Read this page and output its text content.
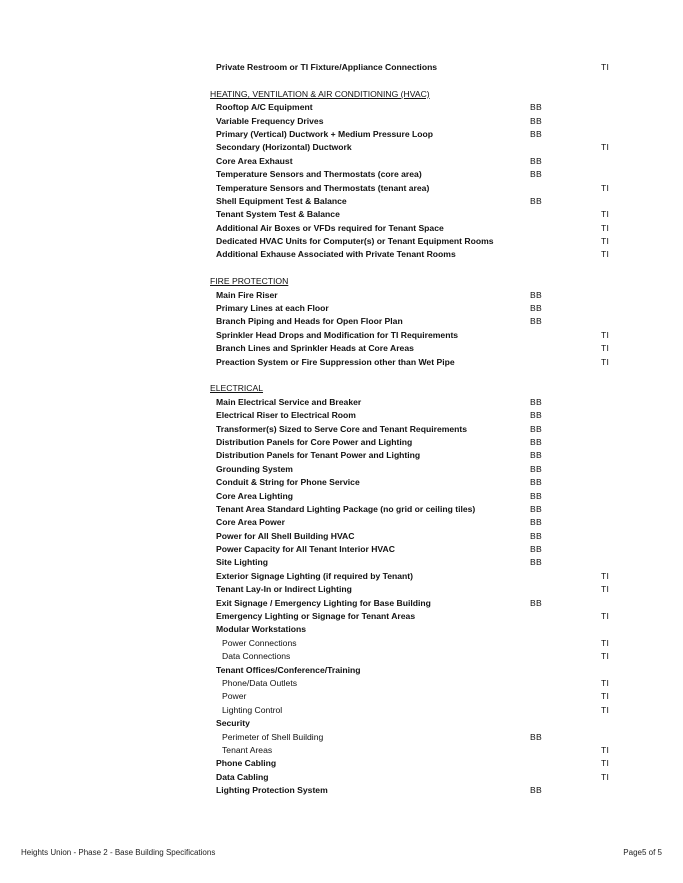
Private Restroom or TI Fixture/Appliance Connections	TI
HEATING, VENTILATION & AIR CONDITIONING (HVAC)
Rooftop A/C Equipment	BB
Variable Frequency Drives	BB
Primary (Vertical) Ductwork + Medium Pressure Loop	BB
Secondary (Horizontal) Ductwork	TI
Core Area Exhaust	BB
Temperature Sensors and Thermostats (core area)	BB
Temperature Sensors and Thermostats (tenant area)	TI
Shell Equipment Test & Balance	BB
Tenant System Test & Balance	TI
Additional Air Boxes or VFDs required for Tenant Space	TI
Dedicated HVAC Units for Computer(s) or Tenant Equipment Rooms	TI
Additional Exhause Associated with Private Tenant Rooms	TI
FIRE PROTECTION
Main Fire Riser	BB
Primary Lines at each Floor	BB
Branch Piping and Heads for Open Floor Plan	BB
Sprinkler Head Drops and Modification for TI Requirements	TI
Branch Lines and Sprinkler Heads at Core Areas	TI
Preaction System or Fire Suppression other than Wet Pipe	TI
ELECTRICAL
Main Electrical Service and Breaker	BB
Electrical Riser to Electrical Room	BB
Transformer(s) Sized to Serve Core and Tenant Requirements	BB
Distribution Panels for Core Power and Lighting	BB
Distribution Panels for Tenant Power and Lighting	BB
Grounding System	BB
Conduit & String for Phone Service	BB
Core Area Lighting	BB
Tenant Area Standard Lighting Package (no grid or ceiling tiles)	BB
Core Area Power	BB
Power for All Shell Building HVAC	BB
Power Capacity for All Tenant Interior HVAC	BB
Site Lighting	BB
Exterior Signage Lighting (if required by Tenant)	TI
Tenant Lay-In or Indirect Lighting	TI
Exit Signage / Emergency Lighting for Base Building	BB
Emergency Lighting or Signage for Tenant Areas	TI
Modular Workstations
Power Connections	TI
Data Connections	TI
Tenant Offices/Conference/Training
Phone/Data Outlets	TI
Power	TI
Lighting Control	TI
Security
Perimeter of Shell Building	BB
Tenant Areas	TI
Phone Cabling	TI
Data Cabling	TI
Lighting Protection System	BB
Heights Union - Phase 2 - Base Building Specifications	Page5 of 5
